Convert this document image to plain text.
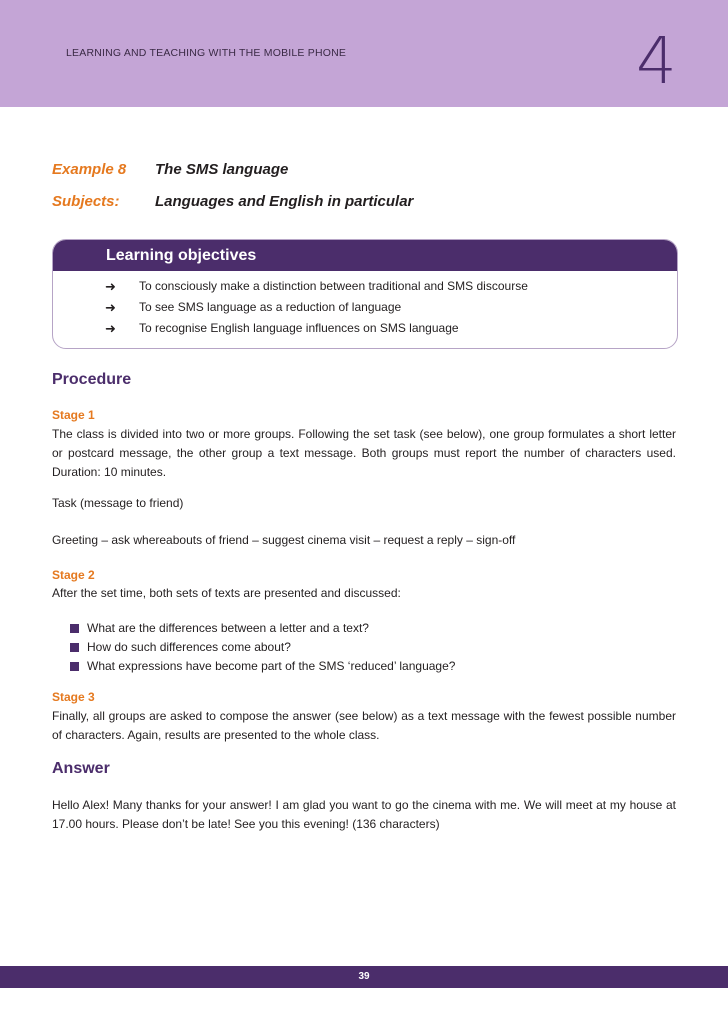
LEARNING AND TEACHING WITH THE MOBILE PHONE	4
Example 8 The SMS language
Subjects: Languages and English in particular
Learning objectives
➜ To consciously make a distinction between traditional and SMS discourse
➜ To see SMS language as a reduction of language
➜ To recognise English language influences on SMS language
Procedure
Stage 1

The class is divided into two or more groups. Following the set task (see below), one group formulates a short letter or postcard message, the other group a text message. Both groups must report the number of characters used. Duration: 10 minutes.

Task (message to friend)

Greeting – ask whereabouts of friend – suggest cinema visit – request a reply – sign-off

Stage 2

After the set time, both sets of texts are presented and discussed:

What are the differences between a letter and a text?
How do such differences come about?
What expressions have become part of the SMS ‘reduced’ language?
Stage 3

Finally, all groups are asked to compose the answer (see below) as a text message with the fewest possible number of characters. Again, results are presented to the whole class.

Answer

Hello Alex! Many thanks for your answer! I am glad you want to go the cinema with me. We will meet at my house at 17.00 hours. Please don’t be late! See you this evening! (136 characters)

39
